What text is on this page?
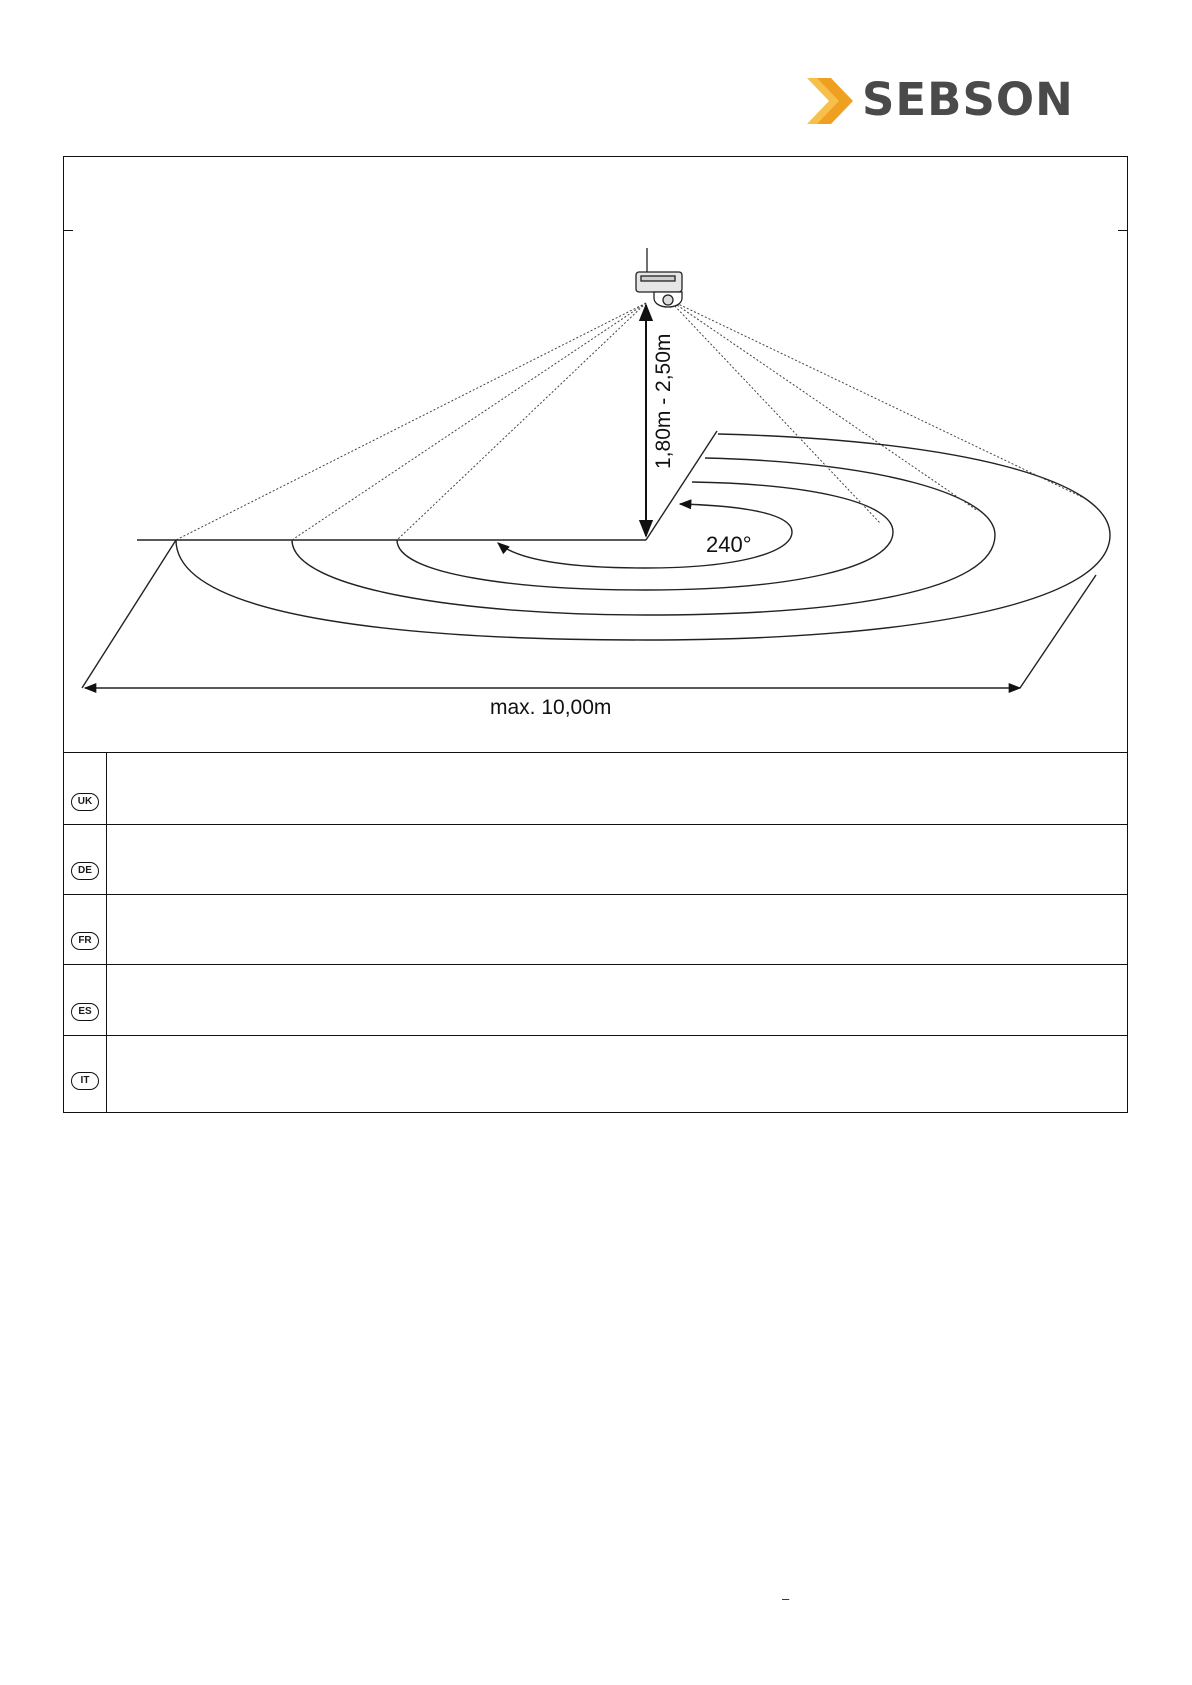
SEBSON
1,80m - 2,50m
240°
max. 10,00m
UK
DE
FR
ES
IT
–
